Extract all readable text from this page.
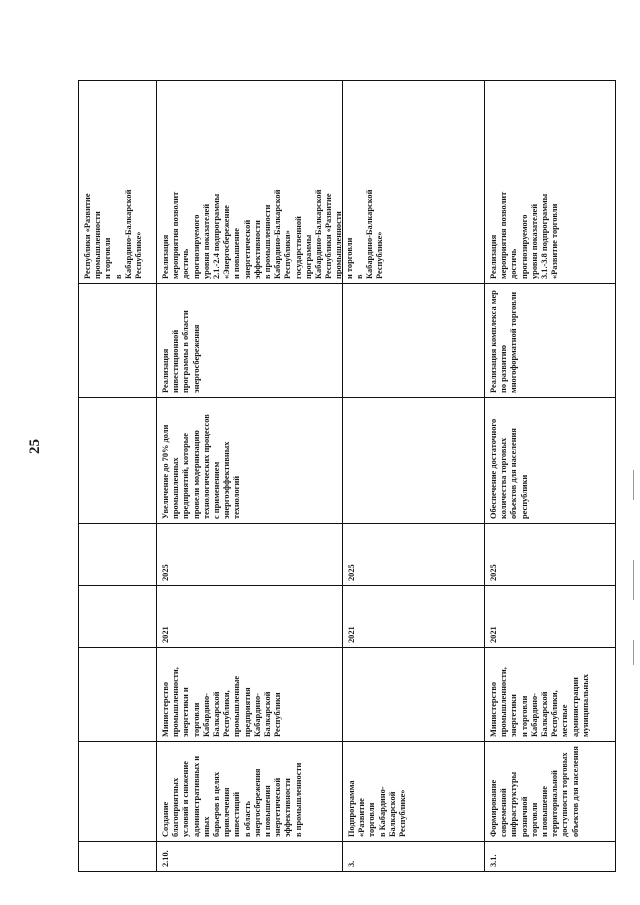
25
Республики «Развитие
промышленности
и торговли
в
Кабардино-Балкарской
Республике»
2.10.
Создание благоприятных
условий и снижение
административных и иных
барьеров в целях
привлечения инвестиций
в область энергосбережения
и повышения
энергетической
эффективности
в промышленности
Министерство
промышленности,
энергетики и торговли
Кабардино-Балкарской
Республики,
промышленные
предприятия
Кабардино-Балкарской
Республики
2021
2025
Увеличение до 70% доли
промышленных
предприятий, которые
провели модернизацию
технологических процессов
с применением
энергоэффективных
технологий
Реализация
инвестиционной
программы в области
энергосбережения
Реализация
мероприятия позволит
достичь
прогнозируемого
уровня показателей
2.1.-2.4 подпрограммы
«Энергосбережение
и повышение
энергетической
эффективности
в промышленности
Кабардино-Балкарской
Республики»
государственной
программы
Кабардино-Балкарской
Республики «Развитие
промышленности
и торговли
в
Кабардино-Балкарской
Республике»
3.
Подпрограмма «Развитие
торговли
в Кабардино-Балкарской
Республике»
2021
2025
3.1.
Формирование современной
инфраструктуры розничной
торговли
и повышение
территориальной
доступности торговых
объектов для населения
Министерство
промышленности,
энергетики
и торговли Кабардино-
Балкарской Республики,
местные администрации
муниципальных
2021
2025
Обеспечение достаточного
количества торговых
объектов для населения
республики
Реализация комплекса мер
по развитию
многоформатной торговли
Реализация
мероприятия позволит
достичь
прогнозируемого
уровня показателей
3.1.-3.8 подпрограммы
«Развитие торговли
